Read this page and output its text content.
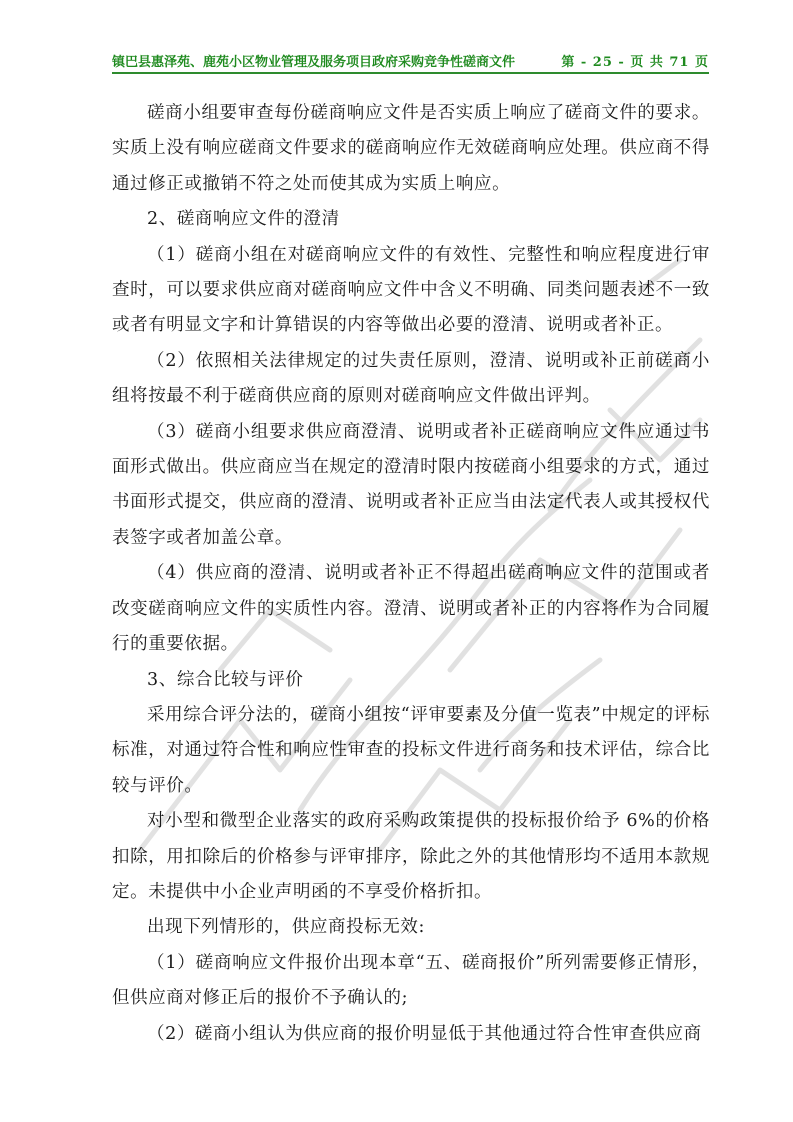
镇巴县惠泽苑、鹿苑小区物业管理及服务项目政府采购竞争性磋商文件	第 - 25 - 页 共 71 页

磋商小组要审查每份磋商响应文件是否实质上响应了磋商文件的要求。实质上没有响应磋商文件要求的磋商响应作无效磋商响应处理。供应商不得通过修正或撤销不符之处而使其成为实质上响应。

2、磋商响应文件的澄清

（1）磋商小组在对磋商响应文件的有效性、完整性和响应程度进行审查时，可以要求供应商对磋商响应文件中含义不明确、同类问题表述不一致或者有明显文字和计算错误的内容等做出必要的澄清、说明或者补正。

（2）依照相关法律规定的过失责任原则，澄清、说明或补正前磋商小组将按最不利于磋商供应商的原则对磋商响应文件做出评判。

（3）磋商小组要求供应商澄清、说明或者补正磋商响应文件应通过书面形式做出。供应商应当在规定的澄清时限内按磋商小组要求的方式，通过书面形式提交，供应商的澄清、说明或者补正应当由法定代表人或其授权代表签字或者加盖公章。

（4）供应商的澄清、说明或者补正不得超出磋商响应文件的范围或者改变磋商响应文件的实质性内容。澄清、说明或者补正的内容将作为合同履行的重要依据。

3、综合比较与评价

采用综合评分法的，磋商小组按“评审要素及分值一览表”中规定的评标标准，对通过符合性和响应性审查的投标文件进行商务和技术评估，综合比较与评价。

对小型和微型企业落实的政府采购政策提供的投标报价给予 6%的价格扣除，用扣除后的价格参与评审排序，除此之外的其他情形均不适用本款规定。未提供中小企业声明函的不享受价格折扣。

出现下列情形的，供应商投标无效:

（1）磋商响应文件报价出现本章“五、磋商报价”所列需要修正情形，但供应商对修正后的报价不予确认的;

（2）磋商小组认为供应商的报价明显低于其他通过符合性审查供应商
